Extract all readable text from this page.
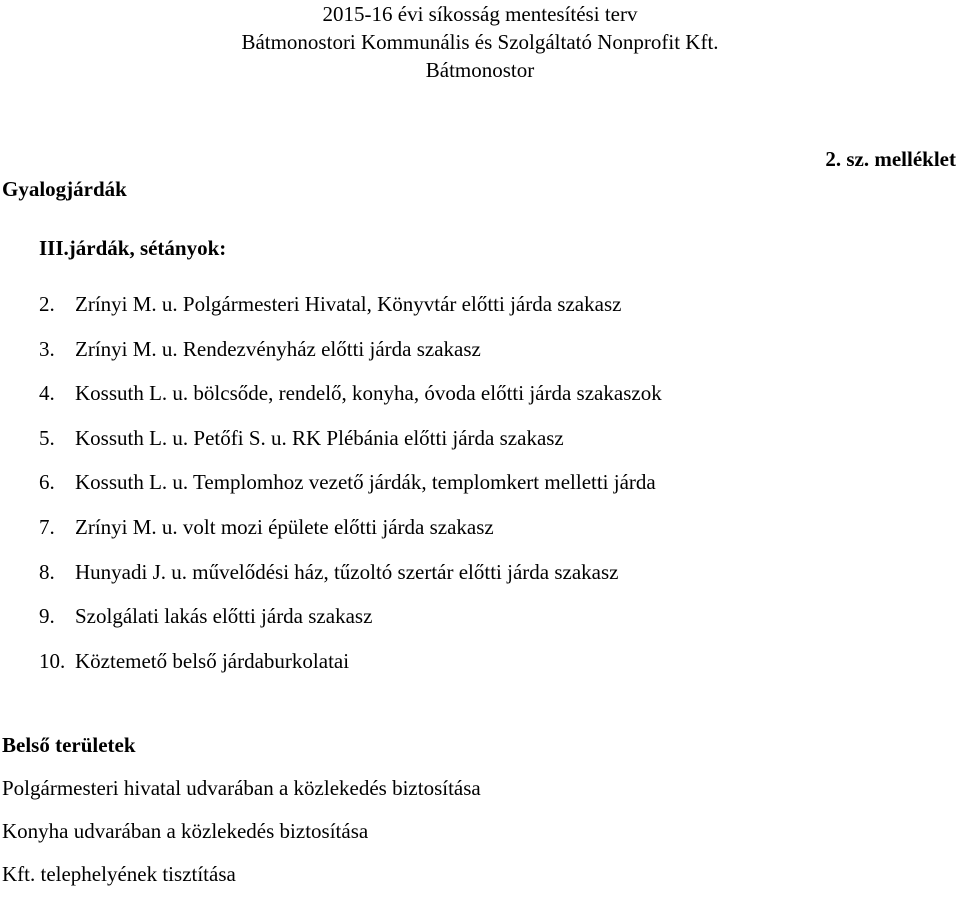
2015-16 évi síkosság mentesítési terv
Bátmonostori Kommunális és Szolgáltató Nonprofit Kft.
Bátmonostor
2. sz. melléklet
Gyalogjárdák
III.járdák, sétányok:
2. Zrínyi M. u. Polgármesteri Hivatal, Könyvtár előtti járda szakasz
3. Zrínyi M. u. Rendezvényház előtti járda szakasz
4. Kossuth L. u. bölcsőde, rendelő, konyha, óvoda előtti járda szakaszok
5. Kossuth L. u. Petőfi S. u. RK Plébánia előtti járda szakasz
6. Kossuth L. u. Templomhoz vezető járdák, templomkert melletti járda
7. Zrínyi M. u. volt mozi épülete előtti járda szakasz
8. Hunyadi J. u. művelődési ház, tűzoltó szertár előtti járda szakasz
9. Szolgálati lakás előtti járda szakasz
10. Köztemető belső járdaburkolatai
Belső területek
Polgármesteri hivatal udvarában a közlekedés biztosítása
Konyha udvarában a közlekedés biztosítása
Kft. telephelyének tisztítása
